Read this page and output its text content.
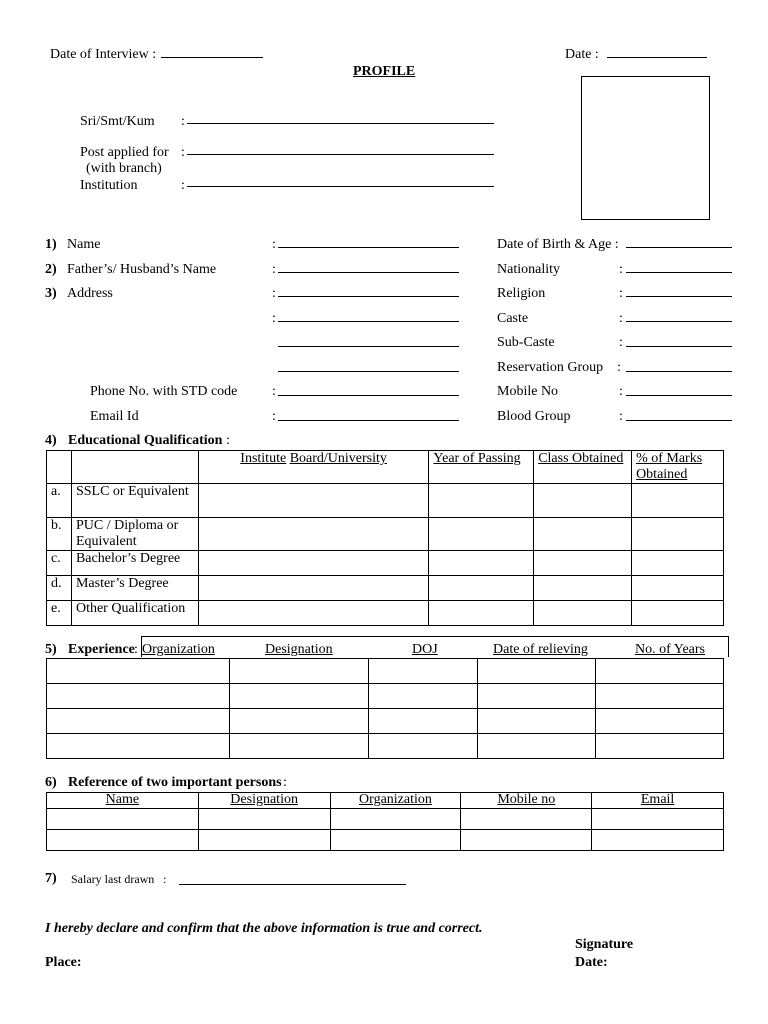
Date of Interview :	Date :
PROFILE
Sri/Smt/Kum :
Post applied for :
(with branch)
Institution	:
1) Name	:
2) Father’s/ Husband’s Name	:
3) Address	:
:
Phone No. with STD code :
Email Id	:
Date of Birth & Age :
Nationality	:
Religion	:
Caste	:
Sub-Caste	:
Reservation Group :
Mobile No	:
Blood Group	:
4) Educational Qualification :
		Institute Board/University	Year of Passing	Class Obtained	% of Marks
Obtained
a.	SSLC or Equivalent				
b.	PUC / Diploma or Equivalent				
c.	Bachelor’s Degree				
d.	Master’s Degree				
e.	Other Qualification				
5) Experience : Organization	Designation	DOJ	Date of relieving	No. of Years

6) Reference of two important persons :
Name	Designation	Organization	Mobile no	Email

7) Salary last drawn :
I hereby declare and confirm that the above information is true and correct.
Signature
Place:	Date:
